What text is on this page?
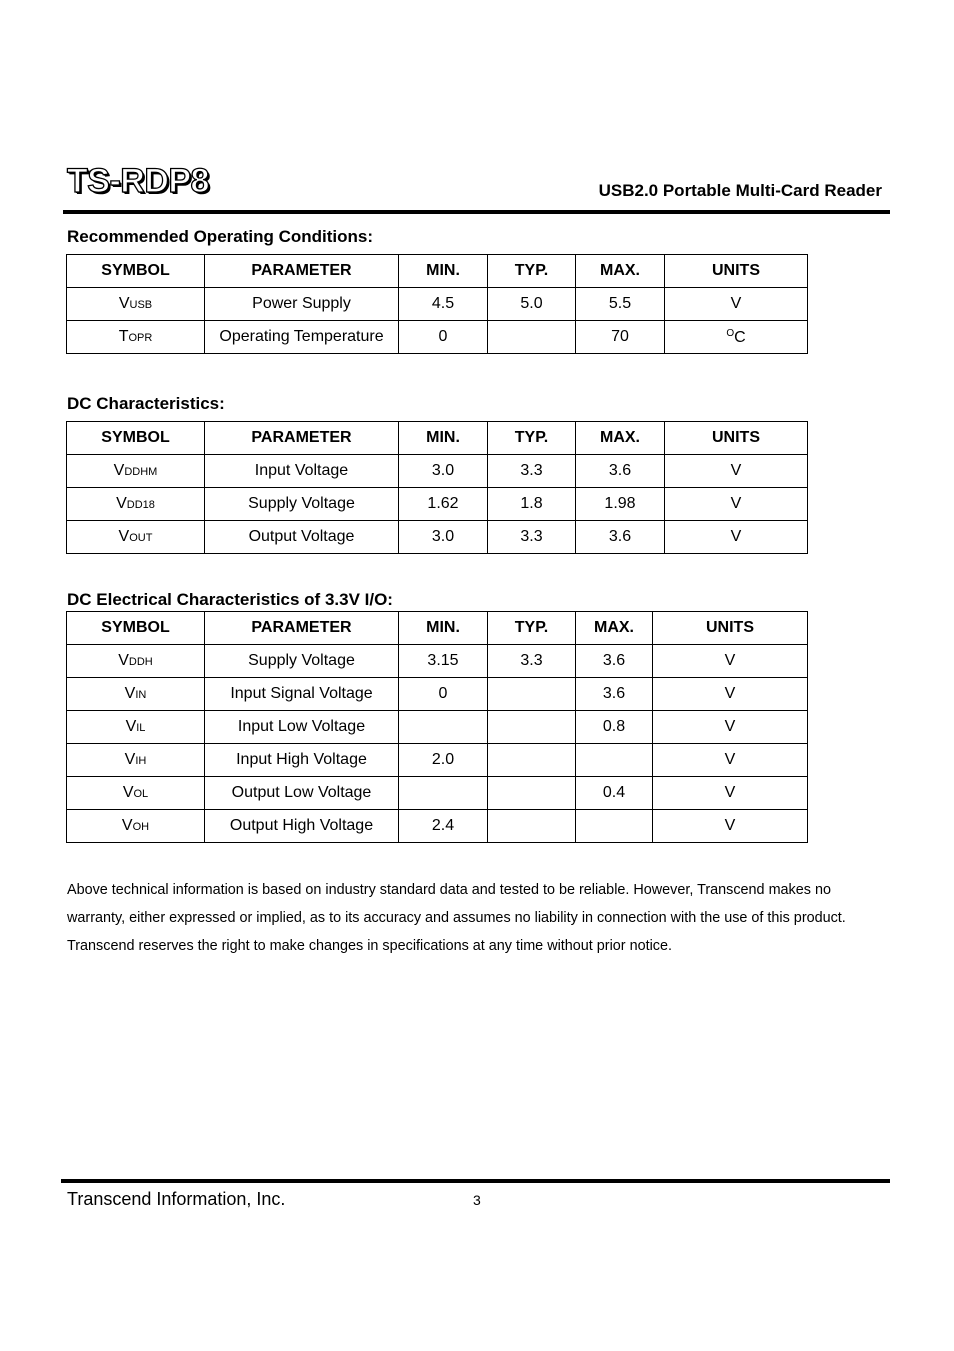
TS-RDP8	USB2.0 Portable Multi-Card Reader
Recommended Operating Conditions:
SYMBOL	PARAMETER	MIN.	TYP.	MAX.	UNITS
VUSB	Power Supply	4.5	5.0	5.5	V
TOPR	Operating Temperature	0		70	$^O$C
DC Characteristics:
SYMBOL	PARAMETER	MIN.	TYP.	MAX.	UNITS
VDDHM	Input Voltage	3.0	3.3	3.6	V
VDD18	Supply Voltage	1.62	1.8	1.98	V
VOUT	Output Voltage	3.0	3.3	3.6	V
DC Electrical Characteristics of 3.3V I/O:
SYMBOL	PARAMETER	MIN.	TYP.	MAX.	UNITS
VDDH	Supply Voltage	3.15	3.3	3.6	V
VIN	Input Signal Voltage	0		3.6	V
VIL	Input Low Voltage			0.8	V
VIH	Input High Voltage	2.0			V
VOL	Output Low Voltage			0.4	V
VOH	Output High Voltage	2.4			V
Above technical information is based on industry standard data and tested to be reliable. However, Transcend makes no
warranty, either expressed or implied, as to its accuracy and assumes no liability in connection with the use of this product.
Transcend reserves the right to make changes in specifications at any time without prior notice.
Transcend Information, Inc.	3
